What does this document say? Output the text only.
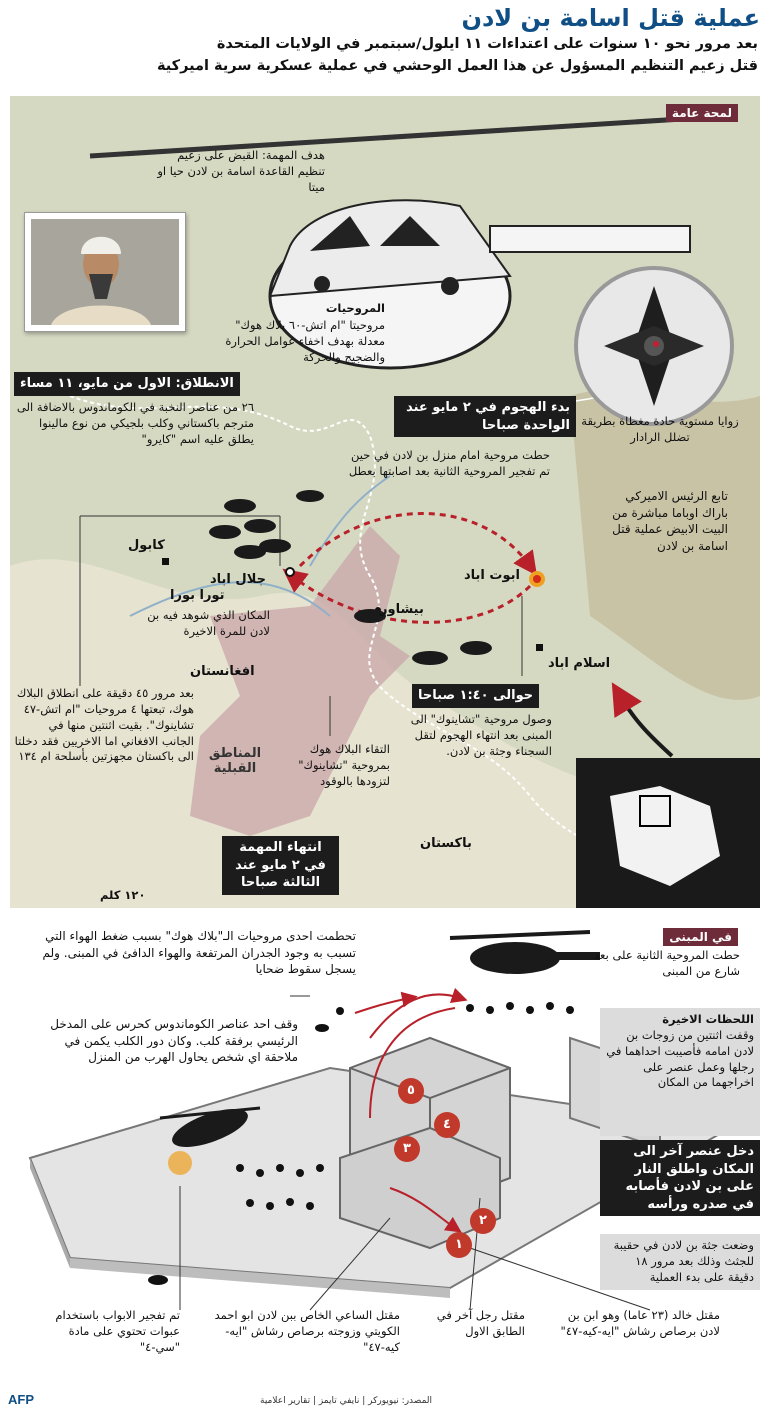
عملية قتل اسامة بن لادن
بعد مرور نحو ١٠ سنوات على اعتداءات ١١ ايلول/سبتمبر في الولايات المتحدة
قتل زعيم التنظيم المسؤول عن هذا العمل الوحشي في عملية عسكرية سرية اميركية
لمحة عامة
هدف المهمة: القبض على زعيم تنظيم القاعدة اسامة بن لادن حيا او ميتا
المروحيات
مروحيتا "ام اتش-٦٠ بلاك هوك" معدلة بهدف اخفاء عوامل الحرارة والضجيج والحركة
زوايا مستوية حادة مغطاة بطريقة تضلل الرادار
الانطلاق: الاول من مايو، ١١ مساء
٢٦ من عناصر النخبة في الكوماندوس بالاضافة الى مترجم باكستاني وكلب بلجيكي من نوع مالينوا يطلق عليه اسم "كايرو"
بدء الهجوم في ٢ مايو عند الواحدة صباحا
حطت مروحية امام منزل بن لادن في حين تم تفجير المروحية الثانية بعد اصابتها بعطل
تابع الرئيس الاميركي باراك اوباما مباشرة من البيت الابيض عملية قتل اسامة بن لادن
كابول
جلال اباد
تورا بورا
المكان الذي شوهد فيه بن لادن للمرة الاخيرة
افغانستان
بيشاور
ابوت اباد
اسلام اباد
باكستان
بعد مرور ٤٥ دقيقة على انطلاق البلاك هوك، تبعتها ٤ مروحيات "ام اتش-٤٧ تشاينوك". بقيت اثنتين منها في الجانب الافغاني اما الاخريين فقد دخلتا الى باكستان مجهزتين بأسلحة ام ١٣٤
١٢٠ كلم
المناطق القبلية
التقاء البلاك هوك بمروحية "تشاينوك" لتزودها بالوقود
حوالى ١:٤٠ صباحا
وصول مروحية "تشاينوك" الى المبنى بعد انتهاء الهجوم لتقل السجناء وجثة بن لادن.
انتهاء المهمة في ٢ مايو عند الثالثة صباحا
في المبنى
حطت المروحية الثانية على بعد شارع من المبنى
تحطمت احدى مروحيات الـ"بلاك هوك" بسبب ضغط الهواء التي تسبب به وجود الجدران المرتفعة والهواء الدافئ في المبنى. ولم يسجل سقوط ضحايا
وقف احد عناصر الكوماندوس كحرس على المدخل الرئيسي برفقة كلب. وكان دور الكلب يكمن في ملاحقة اي شخص يحاول الهرب من المنزل
اللحظات الاخيرة
وقفت اثنتين من زوجات بن لادن امامه فأصيبت احداهما في رجلها وعمل عنصر على اخراجهما من المكان
دخل عنصر آخر الى المكان واطلق النار على بن لادن فأصابه في صدره ورأسه
وضعت جثة بن لادن في حقيبة للجثث وذلك بعد مرور ١٨ دقيقة على بدء العملية
٥
٤
٣
٢
١
تم تفجير الابواب باستخدام عبوات تحتوي على مادة "سي-٤"
مقتل الساعي الخاص ببن لادن ابو احمد الكويتي وزوجته برصاص رشاش "ايه-كيه-٤٧"
مقتل رجل آخر في الطابق الاول
مقتل خالد (٢٣ عاما) وهو ابن بن لادن برصاص رشاش "ايه-كيه-٤٧"
المصدر: نيويوركر | نايفي تايمز | تقارير اعلامية
AFP
